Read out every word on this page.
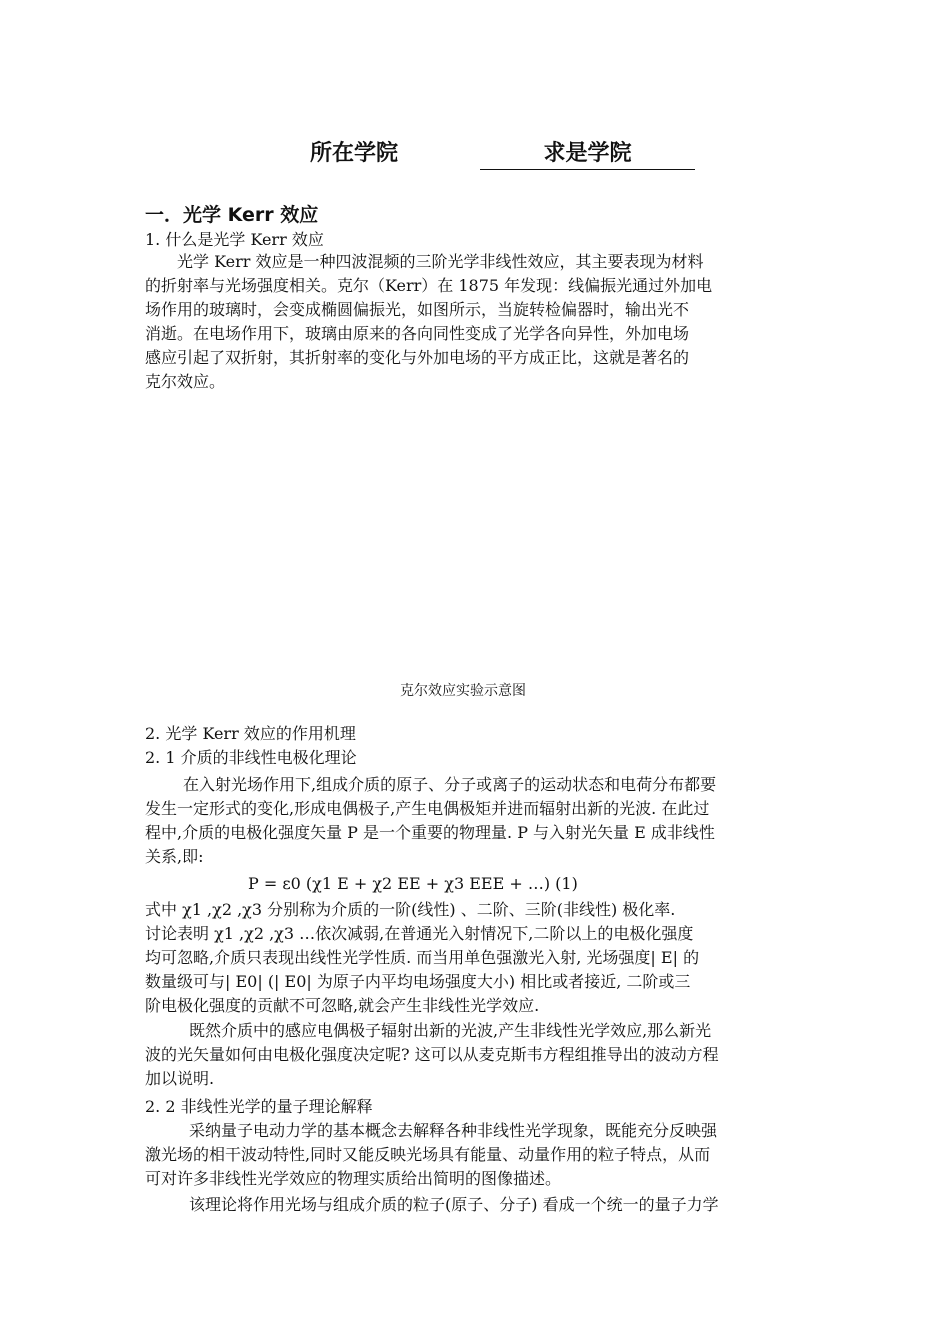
所在学院	求是学院
一．光学 Kerr 效应
1. 什么是光学 Kerr 效应
光学 Kerr 效应是一种四波混频的三阶光学非线性效应，其主要表现为材料
的折射率与光场强度相关。克尔（Kerr）在 1875 年发现：线偏振光通过外加电
场作用的玻璃时，会变成椭圆偏振光，如图所示，当旋转检偏器时，输出光不
消逝。在电场作用下，玻璃由原来的各向同性变成了光学各向异性，外加电场
感应引起了双折射，其折射率的变化与外加电场的平方成正比，这就是著名的
克尔效应。
克尔效应实验示意图
2. 光学 Kerr 效应的作用机理
2. 1 介质的非线性电极化理论
在入射光场作用下,组成介质的原子、分子或离子的运动状态和电荷分布都要
发生一定形式的变化,形成电偶极子,产生电偶极矩并进而辐射出新的光波. 在此过
程中,介质的电极化强度矢量 P 是一个重要的物理量. P 与入射光矢量 E 成非线性
关系,即:
P = ε0 (χ1 E + χ2 EE + χ3 EEE + …) (1)
式中 χ1 ,χ2 ,χ3 分别称为介质的一阶(线性) 、二阶、三阶(非线性) 极化率.
讨论表明 χ1 ,χ2 ,χ3 …依次减弱,在普通光入射情况下,二阶以上的电极化强度
均可忽略,介质只表现出线性光学性质. 而当用单色强激光入射, 光场强度| E| 的
数量级可与| E0| (| E0| 为原子内平均电场强度大小) 相比或者接近, 二阶或三
阶电极化强度的贡献不可忽略,就会产生非线性光学效应.
既然介质中的感应电偶极子辐射出新的光波,产生非线性光学效应,那么新光
波的光矢量如何由电极化强度决定呢? 这可以从麦克斯韦方程组推导出的波动方程
加以说明.
2. 2 非线性光学的量子理论解释
采纳量子电动力学的基本概念去解释各种非线性光学现象，既能充分反映强
激光场的相干波动特性,同时又能反映光场具有能量、动量作用的粒子特点，从而
可对许多非线性光学效应的物理实质给出简明的图像描述。
该理论将作用光场与组成介质的粒子(原子、分子) 看成一个统一的量子力学
